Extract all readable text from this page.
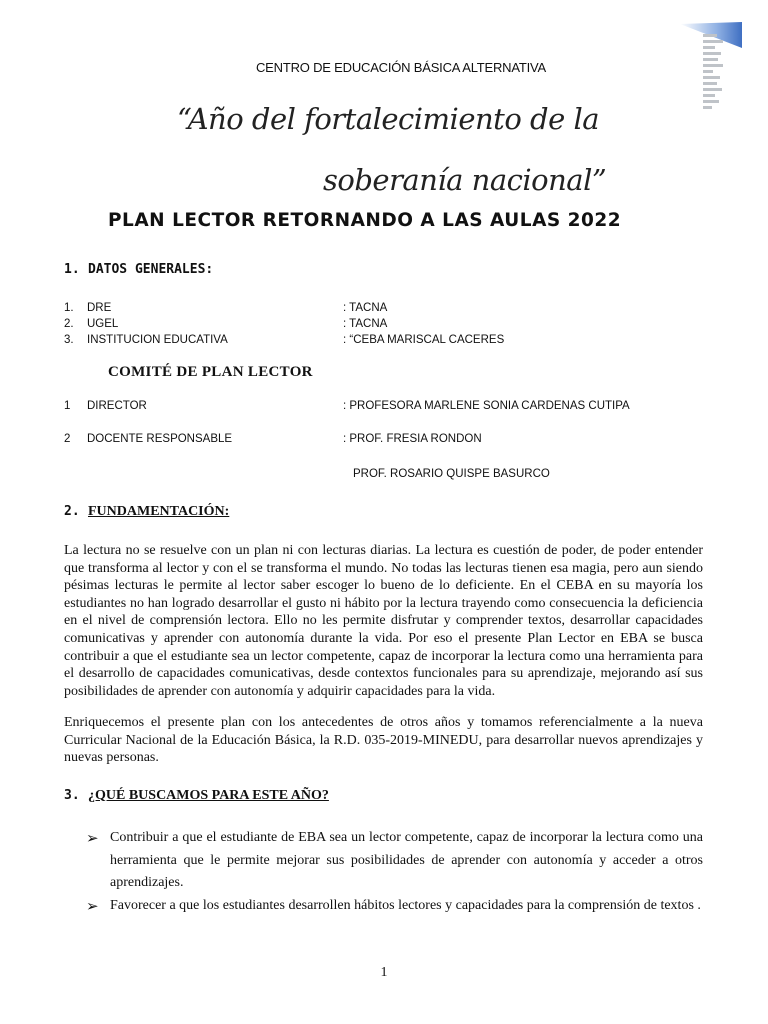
CENTRO DE EDUCACIÓN BÁSICA ALTERNATIVA
“Año del fortalecimiento de la
soberanía nacional”
PLAN LECTOR RETORNANDO A LAS AULAS 2022
1. DATOS GENERALES:
1. DRE	: TACNA
2. UGEL	: TACNA
3. INSTITUCION EDUCATIVA	: “CEBA MARISCAL CACERES
COMITÉ DE PLAN LECTOR
1 DIRECTOR	: PROFESORA MARLENE SONIA CARDENAS CUTIPA
2 DOCENTE RESPONSABLE	: PROF. FRESIA RONDON
PROF. ROSARIO QUISPE BASURCO
2. FUNDAMENTACIÓN:
La lectura no se resuelve con un plan ni con lecturas diarias. La lectura es cuestión de poder, de poder entender que transforma al lector y con el se transforma el mundo. No todas las lecturas tienen esa magia, pero aun siendo pésimas lecturas le permite al lector saber escoger lo bueno de lo deficiente. En el CEBA en su mayoría los estudiantes no han logrado desarrollar el gusto ni hábito por la lectura trayendo como consecuencia la deficiencia en el nivel de comprensión lectora. Ello no les permite disfrutar y comprender textos, desarrollar capacidades comunicativas y aprender con autonomía durante la vida. Por eso el presente Plan Lector en EBA se busca contribuir a que el estudiante sea un lector competente, capaz de incorporar la lectura como una herramienta para el desarrollo de capacidades comunicativas, desde contextos funcionales para su aprendizaje, mejorando así sus posibilidades de aprender con autonomía y adquirir capacidades para la vida.
Enriquecemos el presente plan con los antecedentes de otros años y tomamos referencialmente a la nueva Curricular Nacional de la Educación Básica, la R.D. 035-2019-MINEDU, para desarrollar nuevos aprendizajes y nuevas personas.
3. ¿QUÉ BUSCAMOS PARA ESTE AÑO?
➢ Contribuir a que el estudiante de EBA sea un lector competente, capaz de incorporar la lectura como una herramienta que le permite mejorar sus posibilidades de aprender con autonomía y acceder a otros aprendizajes.
➢ Favorecer a que los estudiantes desarrollen hábitos lectores y capacidades para la comprensión de textos .
1
